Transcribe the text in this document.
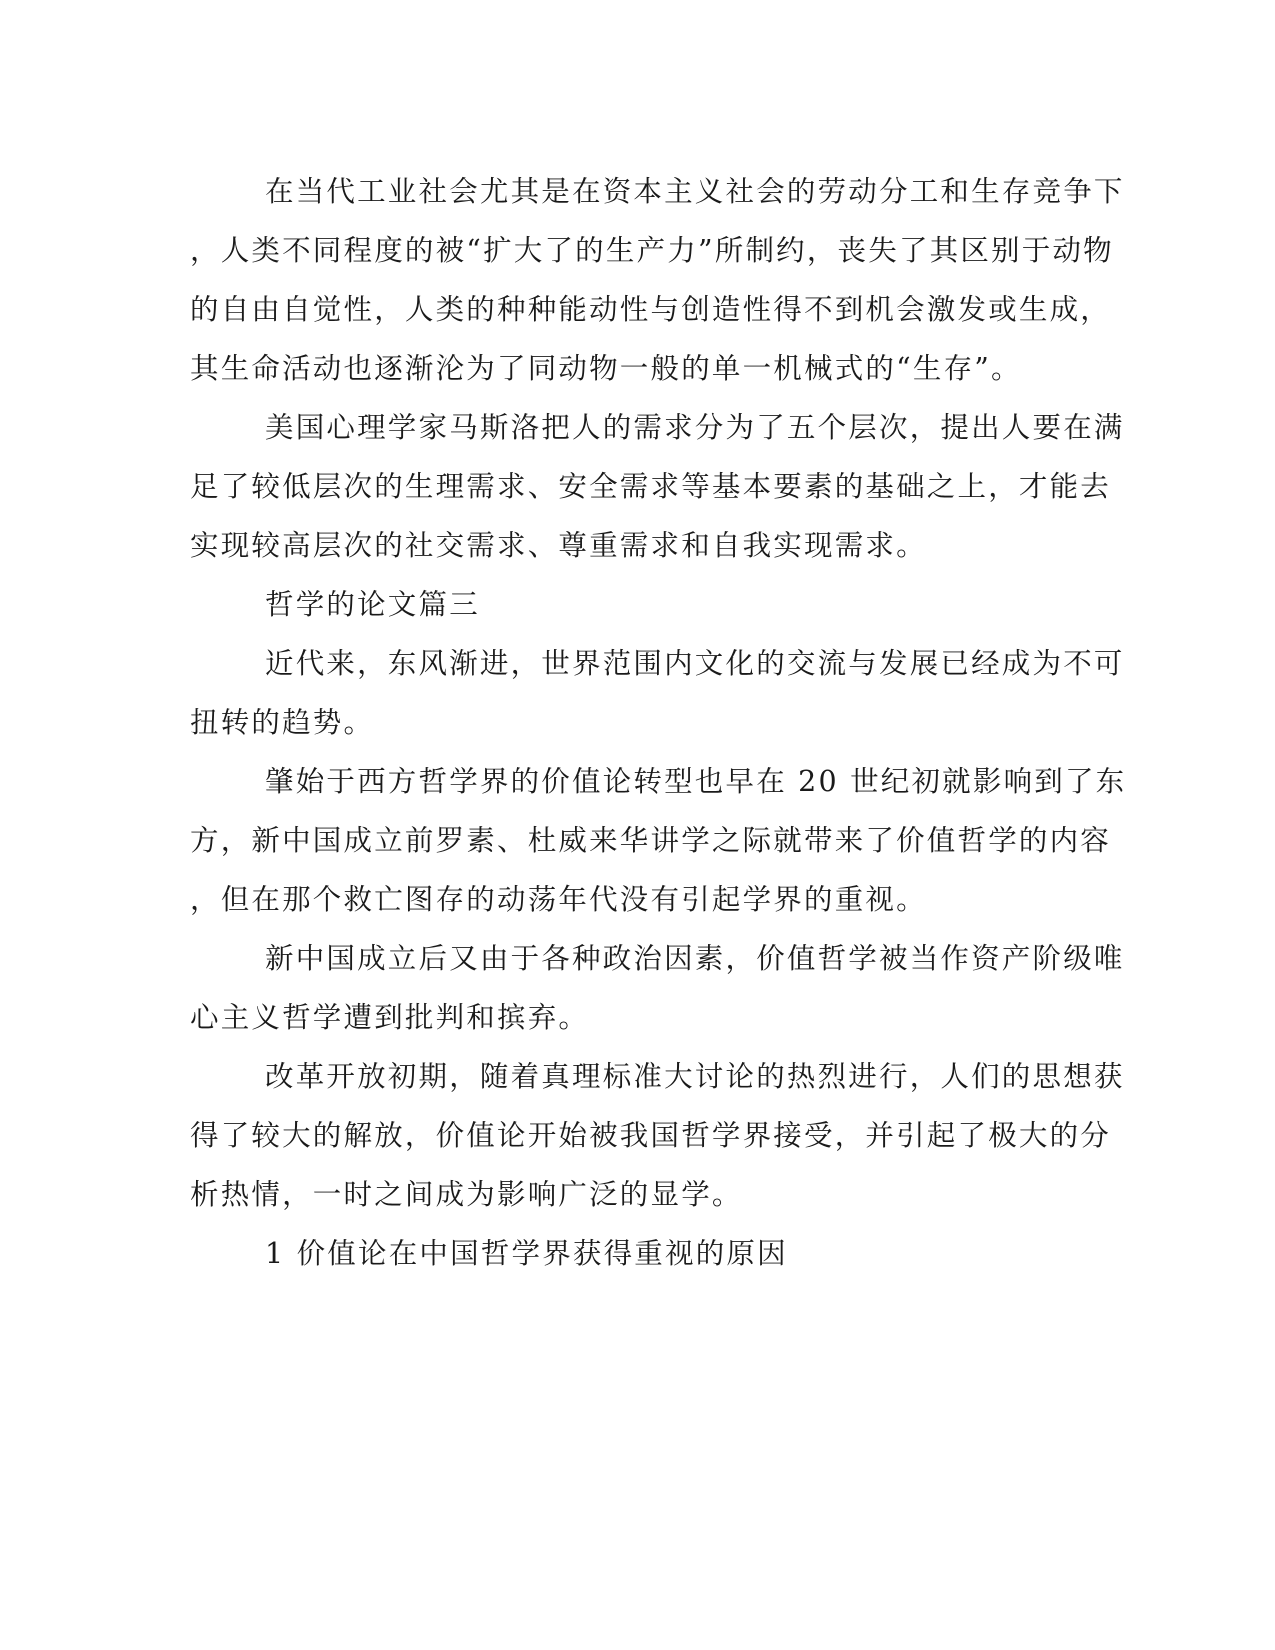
在当代工业社会尤其是在资本主义社会的劳动分工和生存竞争下
，人类不同程度的被“扩大了的生产力”所制约，丧失了其区别于动物
的自由自觉性，人类的种种能动性与创造性得不到机会激发或生成，
其生命活动也逐渐沦为了同动物一般的单一机械式的“生存”。
美国心理学家马斯洛把人的需求分为了五个层次，提出人要在满
足了较低层次的生理需求、安全需求等基本要素的基础之上，才能去
实现较高层次的社交需求、尊重需求和自我实现需求。
哲学的论文篇三
近代来，东风渐进，世界范围内文化的交流与发展已经成为不可
扭转的趋势。
肇始于西方哲学界的价值论转型也早在 20 世纪初就影响到了东
方，新中国成立前罗素、杜威来华讲学之际就带来了价值哲学的内容
，但在那个救亡图存的动荡年代没有引起学界的重视。
新中国成立后又由于各种政治因素，价值哲学被当作资产阶级唯
心主义哲学遭到批判和摈弃。
改革开放初期，随着真理标准大讨论的热烈进行，人们的思想获
得了较大的解放，价值论开始被我国哲学界接受，并引起了极大的分
析热情，一时之间成为影响广泛的显学。
1 价值论在中国哲学界获得重视的原因
